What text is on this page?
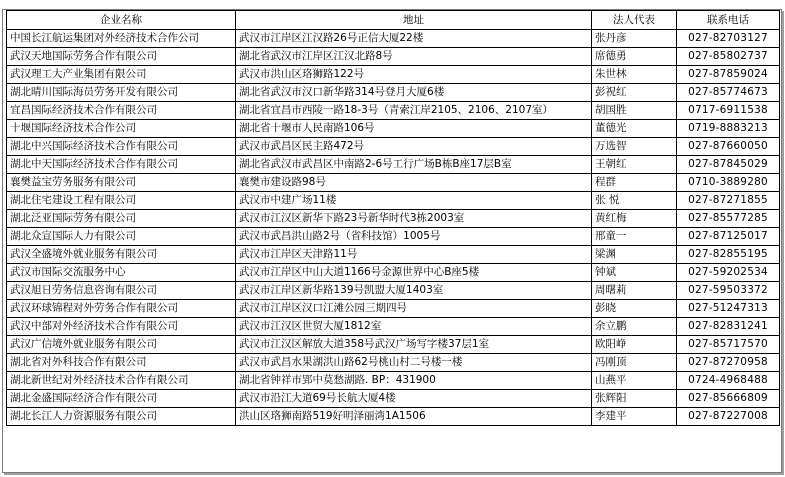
企业名称	地址	法人代表	联系电话
中国长江航运集团对外经济技术合作公司	武汉市江岸区江汉路26号正信大厦22楼	张丹彦	027-82703127
武汉天地国际劳务合作有限公司	湖北省武汉市江岸区江汉北路8号	席德勇	027-85802737
武汉理工大产业集团有限公司	武汉市洪山区珞狮路122号	朱世林	027-87859024
湖北晴川国际海员劳务开发有限公司	湖北省武汉市汉口新华路314号登月大厦6楼	彭祝红	027-85774673
宜昌国际经济技术合作有限公司	湖北省宜昌市西陵一路18-3号（青索江岸2105、2106、2107室）	胡国胜	0717-6911538
十堰国际经济技术合作公司	湖北省十堰市人民南路106号	董德光	0719-8883213
湖北中兴国际经济技术合作有限公司	武汉市武昌区民主路472号	万选智	027-87660050
湖北中天国际经济技术合作有限公司	湖北省武汉市武昌区中南路2-6号工行广场B栋B座17层B室	王朝红	027-87845029
襄樊益宝劳务服务有限公司	襄樊市建设路98号	程群	0710-3889280
湖北住宅建设工程有限公司	武汉市中建广场11楼	张 悦	027-87271855
湖北泛亚国际劳务有限公司	武汉市江汉区新华下路23号新华时代3栋2003室	黄红梅	027-85577285
湖北众宣国际人力有限公司	武汉市武昌洪山路2号（省科技馆）1005号	邢童一	027-87125017
武汉全盛境外就业服务有限公司	武汉市江岸区天津路11号	梁渊	027-82855195
武汉市国际交流服务中心	武汉市江岸区中山大道1166号金源世界中心B座5楼	钟斌	027-59202534
武汉旭日劳务信息咨询有限公司	武汉市江岸区新华路139号凯盟大厦1403室	周曙莉	027-59503372
武汉环球锦程对外劳务合作有限公司	武汉市江岸区汉口江滩公园三期四号	彭晓	027-51247313
武汉中部对外经济技术合作有限公司	武汉市江汉区世贸大厦1812室	余立鹏	027-82831241
武汉广信境外就业服务有限公司	武汉市江汉区解放大道358号武汉广场写字楼37层1室	欧阳峥	027-85717570
湖北省对外科技合作有限公司	武汉市武昌水果湖洪山路62号桃山村二号楼一楼	冯刚顶	027-87270958
湖北新世纪对外经济技术合作有限公司	湖北省钟祥市郢中莫愁湖路. BP：431900	山燕平	0724-4968488
湖北金盛国际经济合作有限公司	武汉市沿江大道69号长航大厦4楼	张辉阳	027-85666809
湖北长江人力资源服务有限公司	洪山区珞狮南路519好明泽丽湾1A1506	李建平	027-87227008
